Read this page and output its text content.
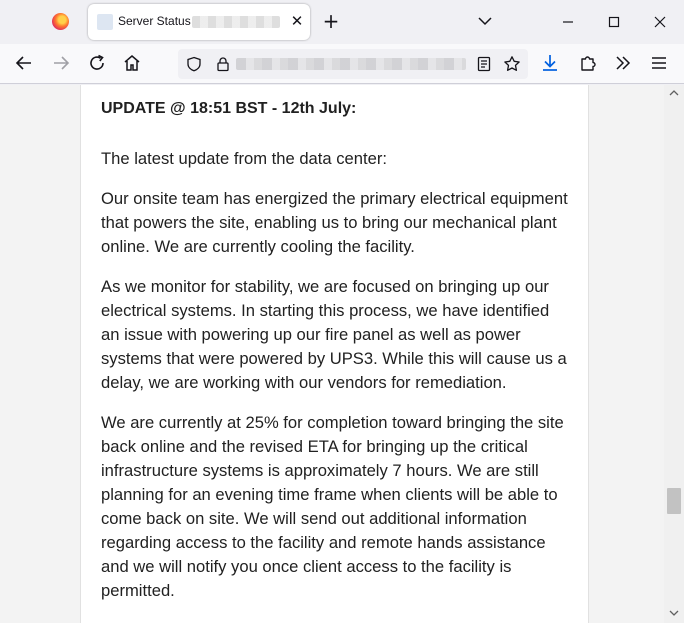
Server Status	✕ +
UPDATE @ 18:51 BST - 12th July:

The latest update from the data center:

Our onsite team has energized the primary electrical equipment that powers the site, enabling us to bring our mechanical plant online. We are currently cooling the facility.

As we monitor for stability, we are focused on bringing up our electrical systems. In starting this process, we have identified an issue with powering up our fire panel as well as power systems that were powered by UPS3. While this will cause us a delay, we are working with our vendors for remediation.

We are currently at 25% for completion toward bringing the site back online and the revised ETA for bringing up the critical infrastructure systems is approximately 7 hours. We are still planning for an evening time frame when clients will be able to come back on site. We will send out additional information regarding access to the facility and remote hands assistance and we will notify you once client access to the facility is permitted.
